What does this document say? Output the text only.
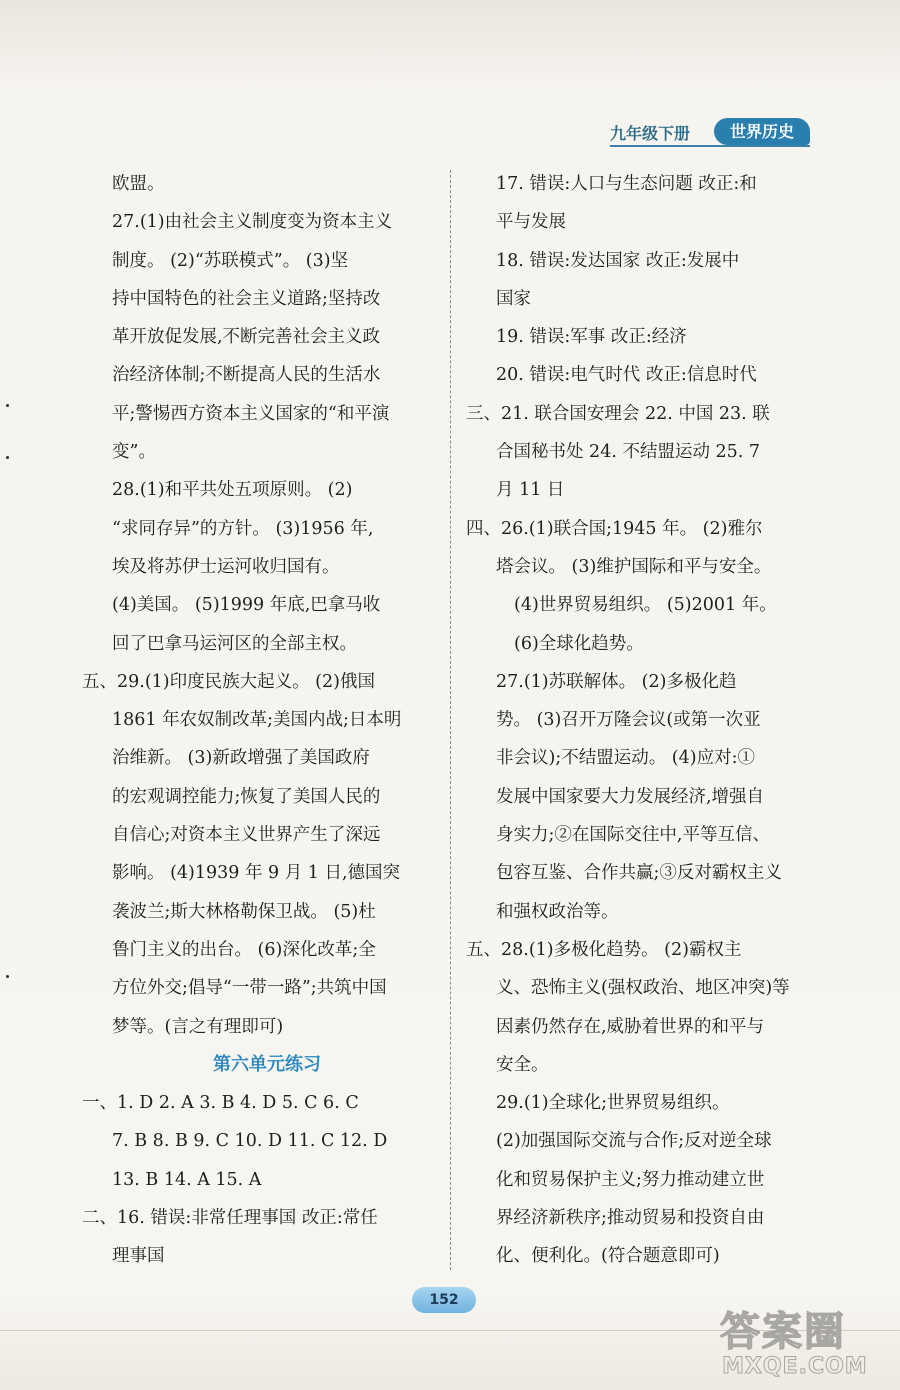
九年级下册	世界历史
欧盟。
27.(1)由社会主义制度变为资本主义
制度。 (2)“苏联模式”。 (3)坚
持中国特色的社会主义道路;坚持改
革开放促发展,不断完善社会主义政
治经济体制;不断提高人民的生活水
平;警惕西方资本主义国家的“和平演
变”。
28.(1)和平共处五项原则。 (2)
“求同存异”的方针。 (3)1956 年,
埃及将苏伊士运河收归国有。
(4)美国。 (5)1999 年底,巴拿马收
回了巴拿马运河区的全部主权。
五、29.(1)印度民族大起义。 (2)俄国
1861 年农奴制改革;美国内战;日本明
治维新。 (3)新政增强了美国政府
的宏观调控能力;恢复了美国人民的
自信心;对资本主义世界产生了深远
影响。 (4)1939 年 9 月 1 日,德国突
袭波兰;斯大林格勒保卫战。 (5)杜
鲁门主义的出台。 (6)深化改革;全
方位外交;倡导“一带一路”;共筑中国
梦等。(言之有理即可)
第六单元练习
一、1. D 2. A 3. B 4. D 5. C 6. C
7. B 8. B 9. C 10. D 11. C 12. D
13. B 14. A 15. A
二、16. 错误:非常任理事国 改正:常任
理事国
17. 错误:人口与生态问题 改正:和
平与发展
18. 错误:发达国家 改正:发展中
国家
19. 错误:军事 改正:经济
20. 错误:电气时代 改正:信息时代
三、21. 联合国安理会 22. 中国 23. 联
合国秘书处 24. 不结盟运动 25. 7
月 11 日
四、26.(1)联合国;1945 年。 (2)雅尔
塔会议。 (3)维护国际和平与安全。
(4)世界贸易组织。 (5)2001 年。
(6)全球化趋势。
27.(1)苏联解体。 (2)多极化趋
势。 (3)召开万隆会议(或第一次亚
非会议);不结盟运动。 (4)应对:①
发展中国家要大力发展经济,增强自
身实力;②在国际交往中,平等互信、
包容互鉴、合作共赢;③反对霸权主义
和强权政治等。
五、28.(1)多极化趋势。 (2)霸权主
义、恐怖主义(强权政治、地区冲突)等
因素仍然存在,威胁着世界的和平与
安全。
29.(1)全球化;世界贸易组织。
(2)加强国际交流与合作;反对逆全球
化和贸易保护主义;努力推动建立世
界经济新秩序;推动贸易和投资自由
化、便利化。(符合题意即可)
152
答案圈
MXQE.COM
